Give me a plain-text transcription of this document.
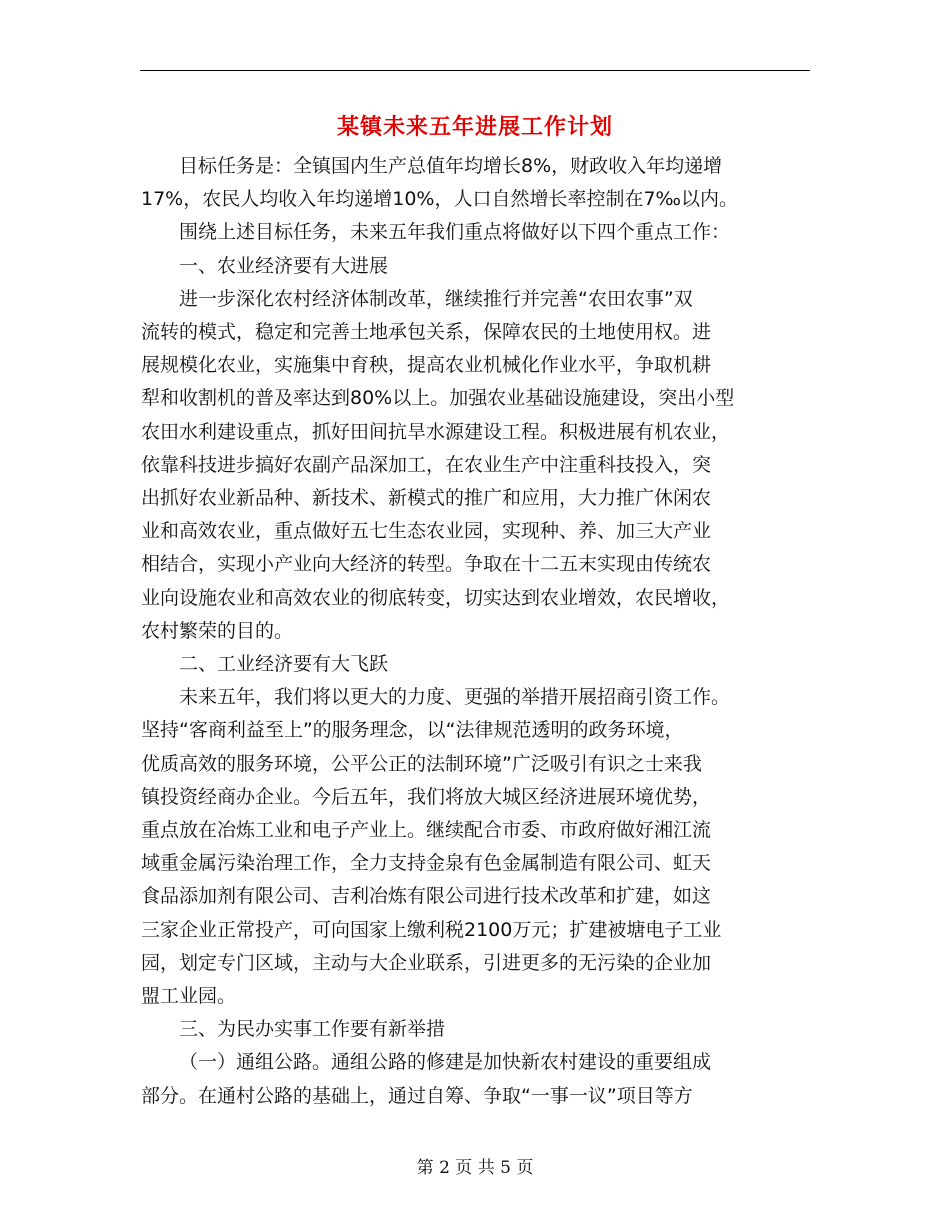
某镇未来五年进展工作计划
目标任务是：全镇国内生产总值年均增长8%，财政收入年均递增
17%，农民人均收入年均递增10%，人口自然增长率控制在7‰以内。
围绕上述目标任务，未来五年我们重点将做好以下四个重点工作：
一、农业经济要有大进展
进一步深化农村经济体制改革，继续推行并完善“农田农事”双
流转的模式，稳定和完善土地承包关系，保障农民的土地使用权。进
展规模化农业，实施集中育秧，提高农业机械化作业水平，争取机耕
犁和收割机的普及率达到80%以上。加强农业基础设施建设，突出小型
农田水利建设重点，抓好田间抗旱水源建设工程。积极进展有机农业，
依靠科技进步搞好农副产品深加工，在农业生产中注重科技投入，突
出抓好农业新品种、新技术、新模式的推广和应用，大力推广休闲农
业和高效农业，重点做好五七生态农业园，实现种、养、加三大产业
相结合，实现小产业向大经济的转型。争取在十二五末实现由传统农
业向设施农业和高效农业的彻底转变，切实达到农业增效，农民增收，
农村繁荣的目的。
二、工业经济要有大飞跃
未来五年，我们将以更大的力度、更强的举措开展招商引资工作。
坚持“客商利益至上”的服务理念，以“法律规范透明的政务环境，
优质高效的服务环境，公平公正的法制环境”广泛吸引有识之士来我
镇投资经商办企业。今后五年，我们将放大城区经济进展环境优势，
重点放在冶炼工业和电子产业上。继续配合市委、市政府做好湘江流
域重金属污染治理工作，全力支持金泉有色金属制造有限公司、虹天
食品添加剂有限公司、吉利冶炼有限公司进行技术改革和扩建，如这
三家企业正常投产，可向国家上缴利税2100万元；扩建被塘电子工业
园，划定专门区域，主动与大企业联系，引进更多的无污染的企业加
盟工业园。
三、为民办实事工作要有新举措
（一）通组公路。通组公路的修建是加快新农村建设的重要组成
部分。在通村公路的基础上，通过自筹、争取“一事一议”项目等方
第 2 页 共 5 页
